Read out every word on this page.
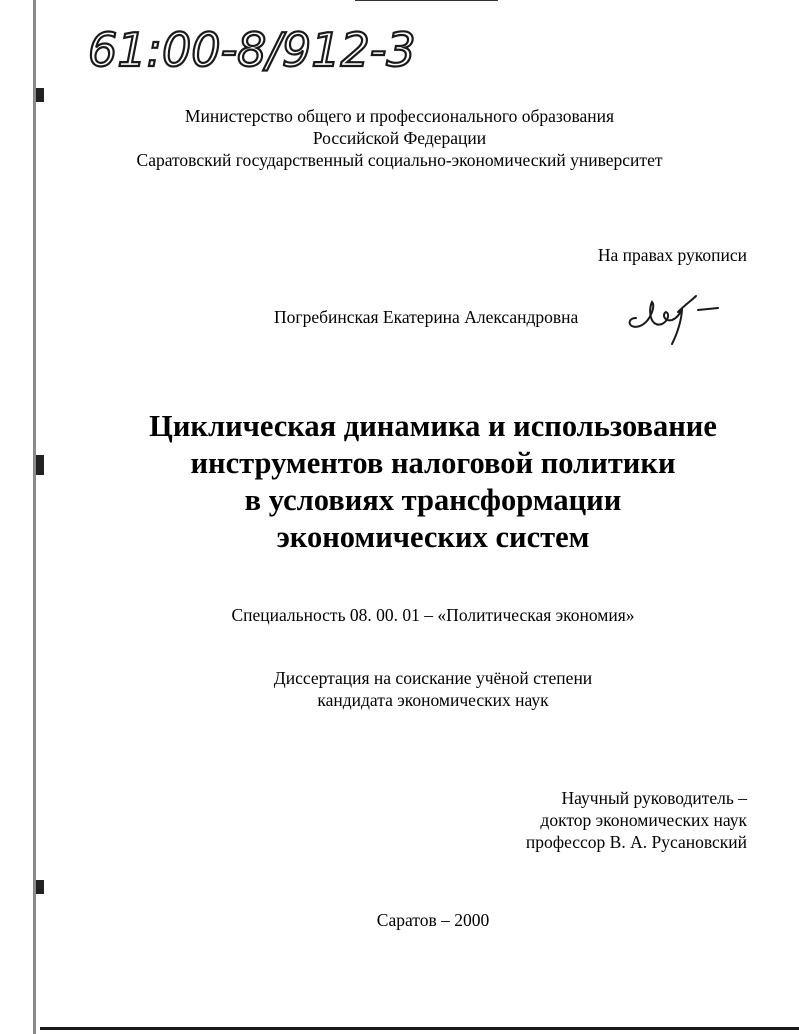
61:00-8/912-3
Министерство общего и профессионального образования
Российской Федерации
Саратовский государственный социально-экономический университет
На правах рукописи
Погребинская Екатерина Александровна
Циклическая динамика и использование
инструментов налоговой политики
в условиях трансформации
экономических систем
Специальность 08. 00. 01 – «Политическая экономия»
Диссертация на соискание учёной степени
кандидата экономических наук
Научный руководитель –
доктор экономических наук
профессор В. А. Русановский
Саратов – 2000
